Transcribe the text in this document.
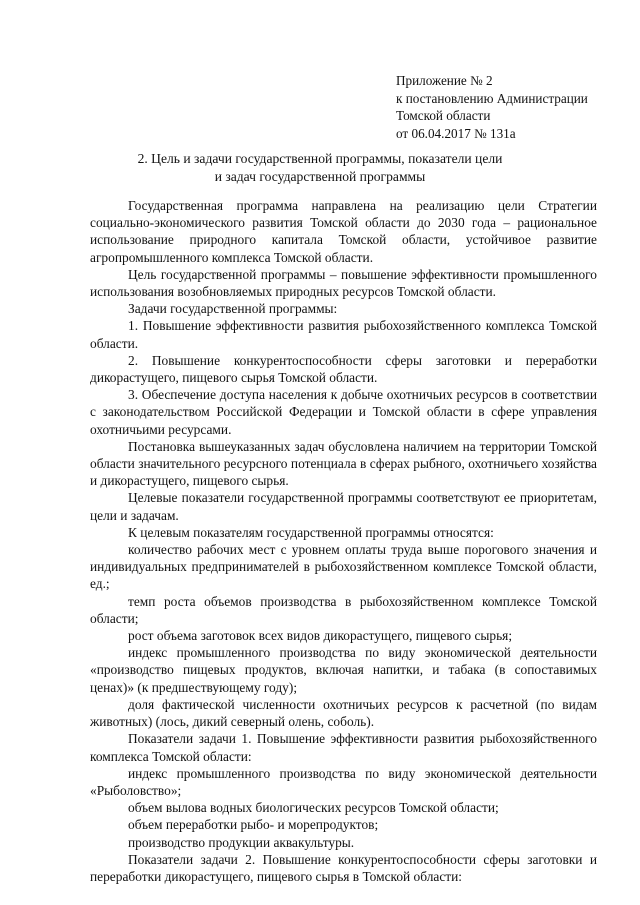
Приложение № 2
к постановлению Администрации
Томской области
от 06.04.2017 № 131а
2. Цель и задачи государственной программы, показатели цели
и задач государственной программы

Государственная программа направлена на реализацию цели Стратегии социально-экономического развития Томской области до 2030 года – рациональное использование природного капитала Томской области, устойчивое развитие агропромышленного комплекса Томской области.

Цель государственной программы – повышение эффективности промышленного использования возобновляемых природных ресурсов Томской области.

Задачи государственной программы:

1. Повышение эффективности развития рыбохозяйственного комплекса Томской области.

2. Повышение конкурентоспособности сферы заготовки и переработки дикорастущего, пищевого сырья Томской области.

3. Обеспечение доступа населения к добыче охотничьих ресурсов в соответствии с законодательством Российской Федерации и Томской области в сфере управления охотничьими ресурсами.

Постановка вышеуказанных задач обусловлена наличием на территории Томской области значительного ресурсного потенциала в сферах рыбного, охотничьего хозяйства и дикорастущего, пищевого сырья.

Целевые показатели государственной программы соответствуют ее приоритетам, цели и задачам.

К целевым показателям государственной программы относятся:

количество рабочих мест с уровнем оплаты труда выше порогового значения и индивидуальных предпринимателей в рыбохозяйственном комплексе Томской области, ед.;

темп роста объемов производства в рыбохозяйственном комплексе Томской области;

рост объема заготовок всех видов дикорастущего, пищевого сырья;

индекс промышленного производства по виду экономической деятельности «производство пищевых продуктов, включая напитки, и табака (в сопоставимых ценах)» (к предшествующему году);

доля фактической численности охотничьих ресурсов к расчетной (по видам животных) (лось, дикий северный олень, соболь).

Показатели задачи 1. Повышение эффективности развития рыбохозяйственного комплекса Томской области:

индекс промышленного производства по виду экономической деятельности «Рыболовство»;

объем вылова водных биологических ресурсов Томской области;

объем переработки рыбо- и морепродуктов;

производство продукции аквакультуры.

Показатели задачи 2. Повышение конкурентоспособности сферы заготовки и переработки дикорастущего, пищевого сырья в Томской области:
